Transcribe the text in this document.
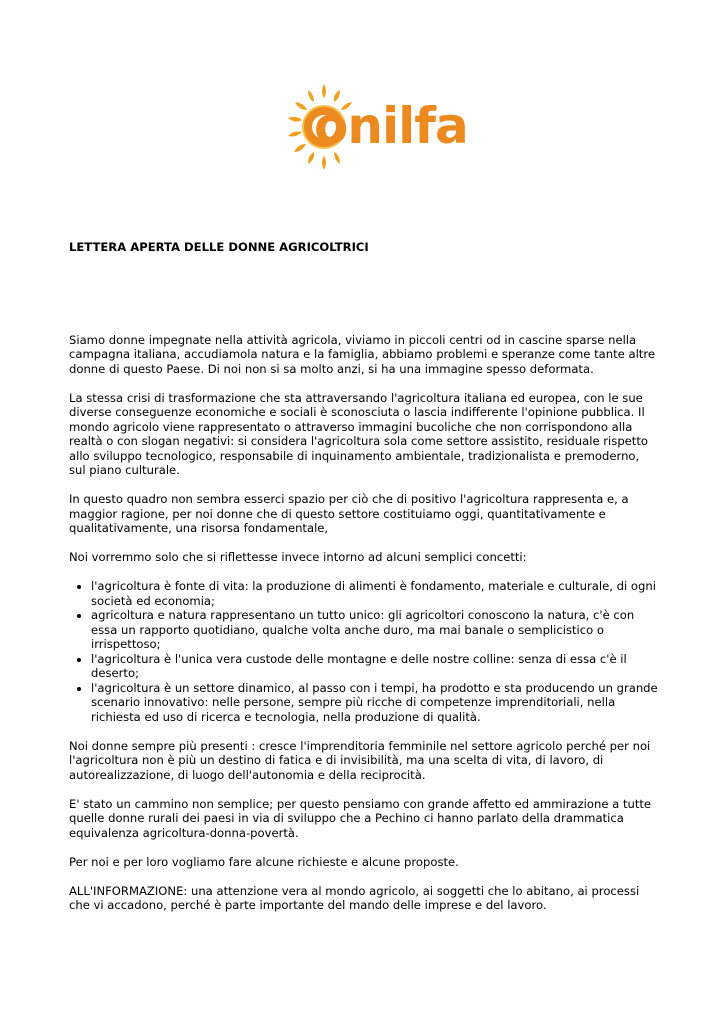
onilfa

LETTERA APERTA DELLE DONNE AGRICOLTRICI

Siamo donne impegnate nella attività agricola, viviamo in piccoli centri od in cascine sparse nella campagna italiana, accudiamola natura e la famiglia, abbiamo problemi e speranze come tante altre donne di questo Paese. Di noi non si sa molto anzi, si ha una immagine spesso deformata.

La stessa crisi di trasformazione che sta attraversando l'agricoltura italiana ed europea, con le sue diverse conseguenze economiche e sociali è sconosciuta o lascia indifferente l'opinione pubblica. Il mondo agricolo viene rappresentato o attraverso immagini bucoliche che non corrispondono alla realtà o con slogan negativi: si considera l'agricoltura sola come settore assistito, residuale rispetto allo sviluppo tecnologico, responsabile di inquinamento ambientale, tradizionalista e premoderno, sul piano culturale.

In questo quadro non sembra esserci spazio per ciò che di positivo l'agricoltura rappresenta e, a maggior ragione, per noi donne che di questo settore costituiamo oggi, quantitativamente e qualitativamente, una risorsa fondamentale,

Noi vorremmo solo che si riflettesse invece intorno ad alcuni semplici concetti:

• l'agricoltura è fonte di vita: la produzione di alimenti è fondamento, materiale e culturale, di ogni società ed economia;
• agricoltura e natura rappresentano un tutto unico: gli agricoltori conoscono la natura, c'è con essa un rapporto quotidiano, qualche volta anche duro, ma mai banale o semplicistico o irrispettoso;
• l'agricoltura è l'unica vera custode delle montagne e delle nostre colline: senza di essa c'è il deserto;
• l'agricoltura è un settore dinamico, al passo con i tempi, ha prodotto e sta producendo un grande scenario innovativo: nelle persone, sempre più ricche di competenze imprenditoriali, nella richiesta ed uso di ricerca e tecnologia, nella produzione di qualità.

Noi donne sempre più presenti : cresce l'imprenditoria femminile nel settore agricolo perché per noi l'agricoltura non è più un destino di fatica e di invisibilità, ma una scelta di vita, di lavoro, di autorealizzazione, di luogo dell'autonomia e della reciprocità.

E' stato un cammino non semplice; per questo pensiamo con grande affetto ed ammirazione a tutte quelle donne rurali dei paesi in via di sviluppo che a Pechino ci hanno parlato della drammatica equivalenza agricoltura-donna-povertà.

Per noi e per loro vogliamo fare alcune richieste e alcune proposte.

ALL'INFORMAZIONE: una attenzione vera al mondo agricolo, ai soggetti che lo abitano, ai processi che vi accadono, perché è parte importante del mando delle imprese e del lavoro.
